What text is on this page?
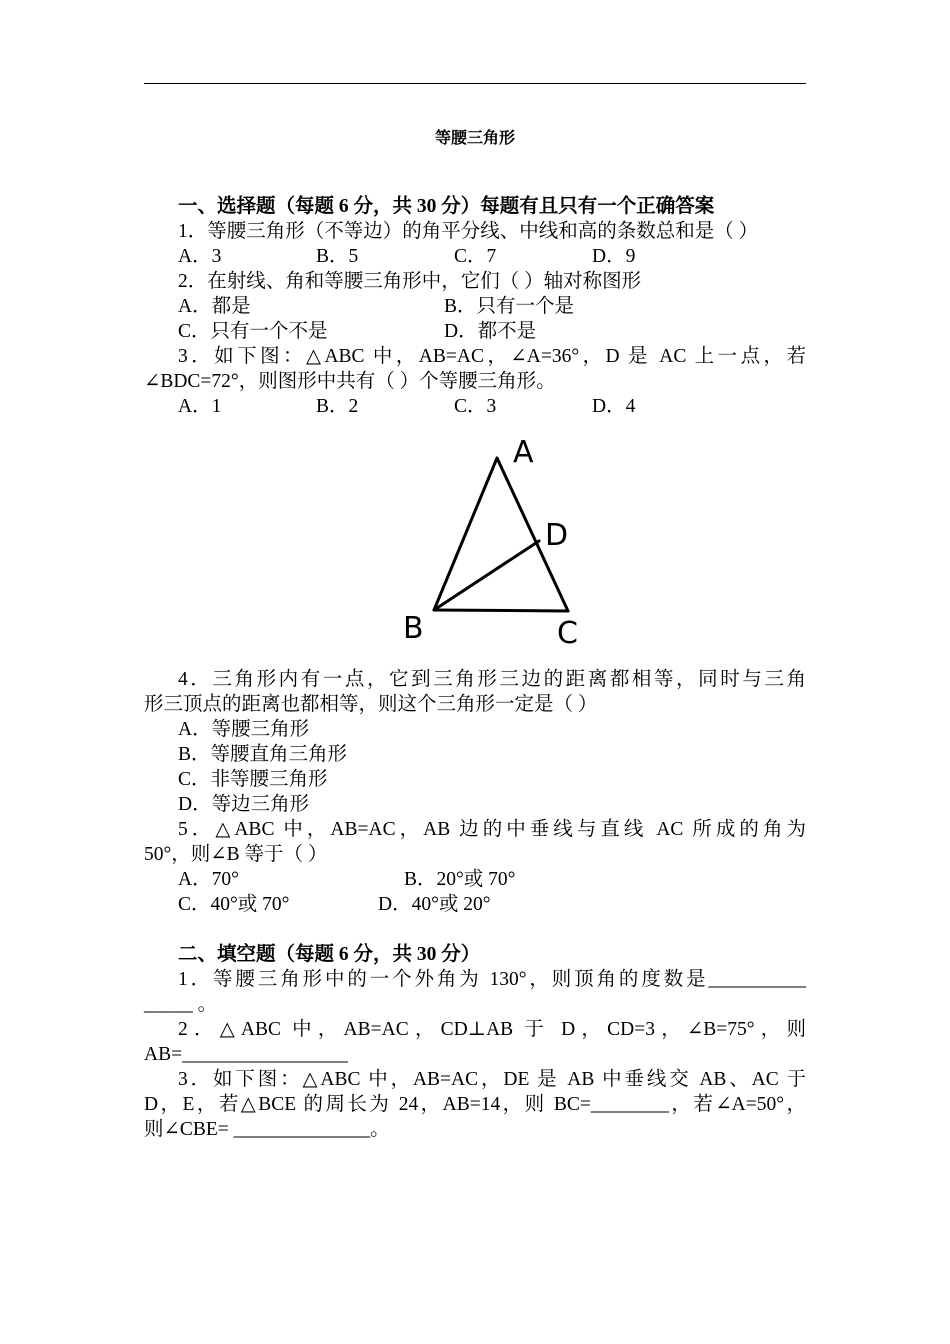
等腰三角形
一、选择题（每题 6 分，共 30 分）每题有且只有一个正确答案
1．等腰三角形（不等边）的角平分线、中线和高的条数总和是（ ）
A．3	B．5	C．7	D．9
2．在射线、角和等腰三角形中，它们（ ）轴对称图形
A．都是	B．只有一个是
C．只有一个不是	D．都不是
3．如下图：△ABC 中，AB=AC，∠A=36°，D 是 AC 上一点，若
∠BDC=72°，则图形中共有（ ）个等腰三角形。
A．1	B．2	C．3	D．4
A
B	C
D
4．三角形内有一点，它到三角形三边的距离都相等，同时与三角
形三顶点的距离也都相等，则这个三角形一定是（ ）
A．等腰三角形
B．等腰直角三角形
C．非等腰三角形
D．等边三角形
5．△ABC 中，AB=AC，AB 边的中垂线与直线 AC 所成的角为
50°，则∠B 等于（ ）
A．70°	B．20°或 70°
C．40°或 70°	D．40°或 20°
二、填空题（每题 6 分，共 30 分）
1．等腰三角形中的一个外角为 130°，则顶角的度数是__________
_____ 。
2．△ABC 中，AB=AC，CD⊥AB 于 D，CD=3，∠B=75°，则
AB=_________________
3．如下图：△ABC 中，AB=AC，DE 是 AB 中垂线交 AB、AC 于
D，E，若△BCE 的周长为 24，AB=14，则 BC=________，若∠A=50°，
则∠CBE= ______________。
